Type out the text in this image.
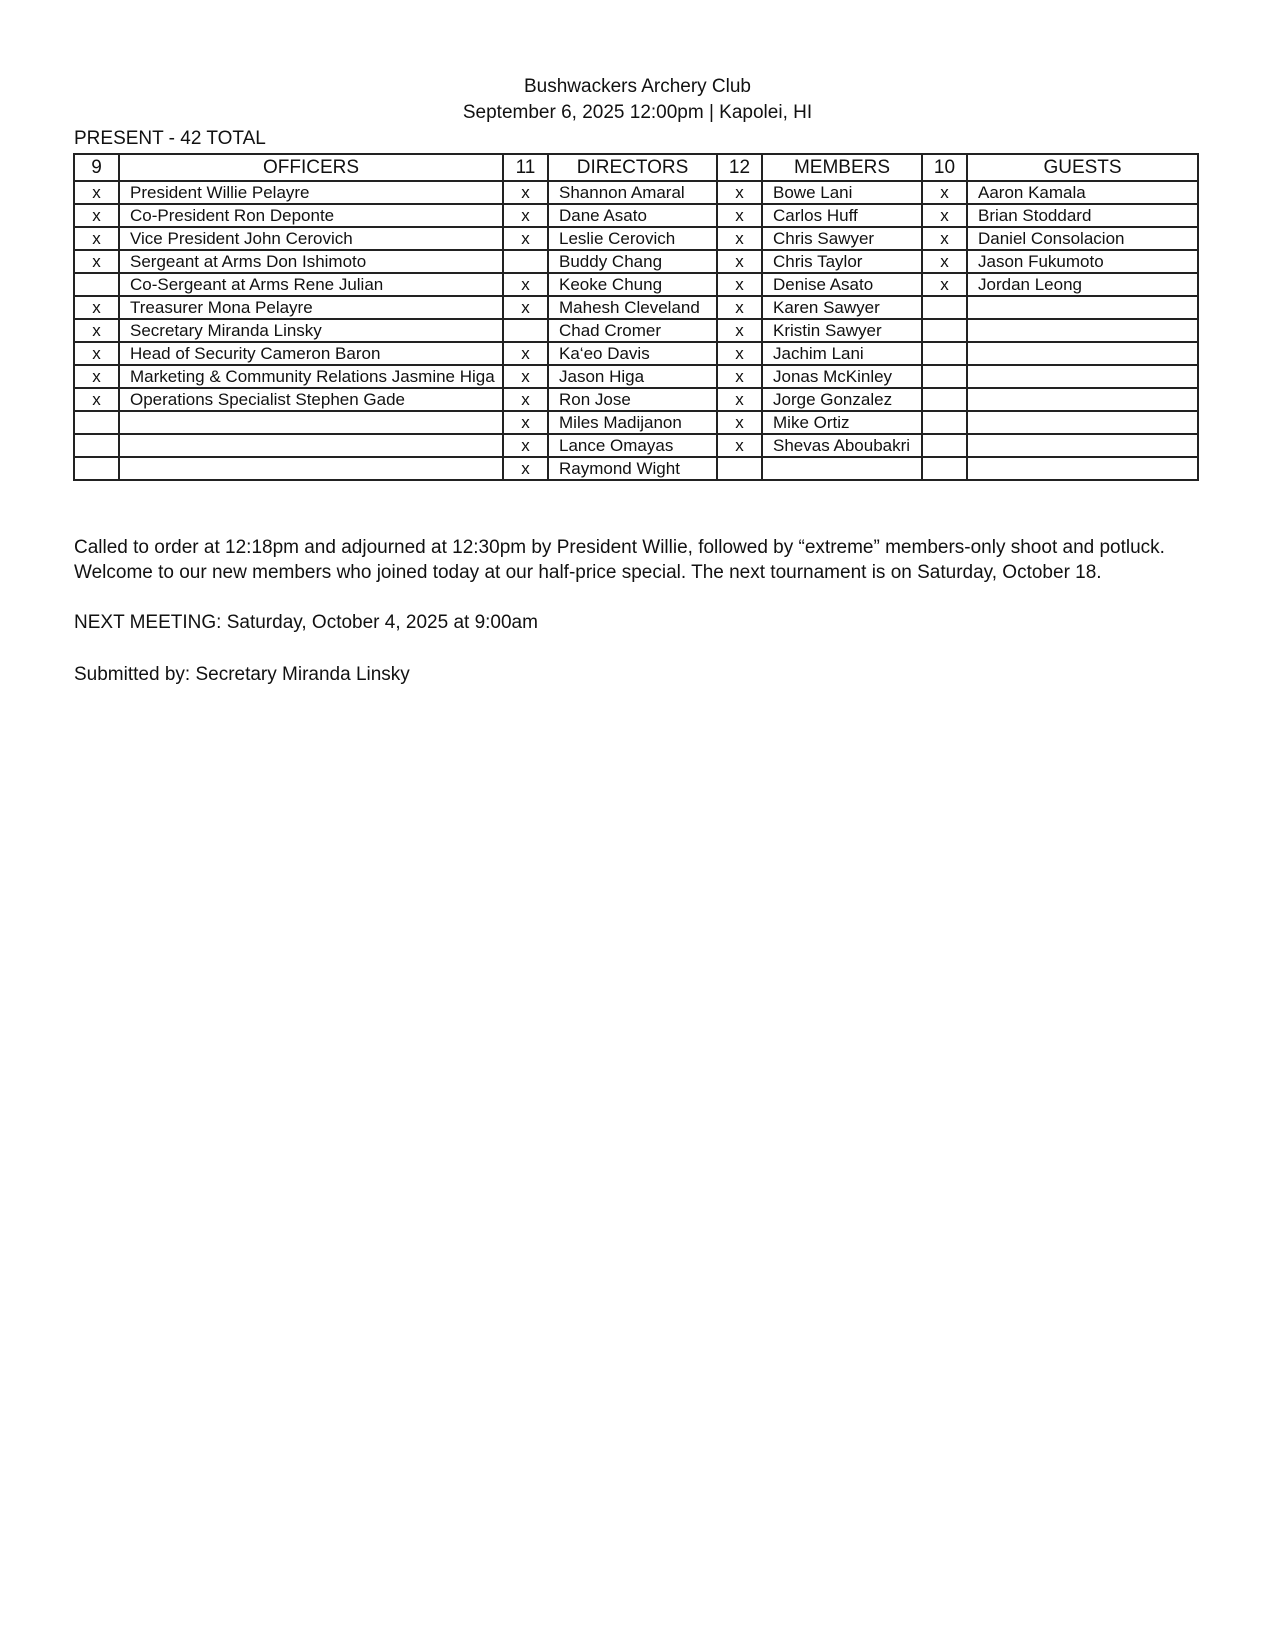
Bushwackers Archery Club
September 6, 2025 12:00pm | Kapolei, HI
PRESENT - 42 TOTAL
9	OFFICERS	11	DIRECTORS	12	MEMBERS	10	GUESTS
x	President Willie Pelayre	x	Shannon Amaral	x	Bowe Lani	x	Aaron Kamala
x	Co-President Ron Deponte	x	Dane Asato	x	Carlos Huff	x	Brian Stoddard
x	Vice President John Cerovich	x	Leslie Cerovich	x	Chris Sawyer	x	Daniel Consolacion
x	Sergeant at Arms Don Ishimoto		Buddy Chang	x	Chris Taylor	x	Jason Fukumoto
	Co-Sergeant at Arms Rene Julian	x	Keoke Chung	x	Denise Asato	x	Jordan Leong
x	Treasurer Mona Pelayre	x	Mahesh Cleveland	x	Karen Sawyer		
x	Secretary Miranda Linsky		Chad Cromer	x	Kristin Sawyer		
x	Head of Security Cameron Baron	x	Ka‘eo Davis	x	Jachim Lani		
x	Marketing & Community Relations Jasmine Higa	x	Jason Higa	x	Jonas McKinley		
x	Operations Specialist Stephen Gade	x	Ron Jose	x	Jorge Gonzalez		
		x	Miles Madijanon	x	Mike Ortiz		
		x	Lance Omayas	x	Shevas Aboubakri		
		x	Raymond Wight				
Called to order at 12:18pm and adjourned at 12:30pm by President Willie, followed by “extreme” members-only shoot and potluck.
Welcome to our new members who joined today at our half-price special. The next tournament is on Saturday, October 18.
NEXT MEETING: Saturday, October 4, 2025 at 9:00am
Submitted by: Secretary Miranda Linsky
